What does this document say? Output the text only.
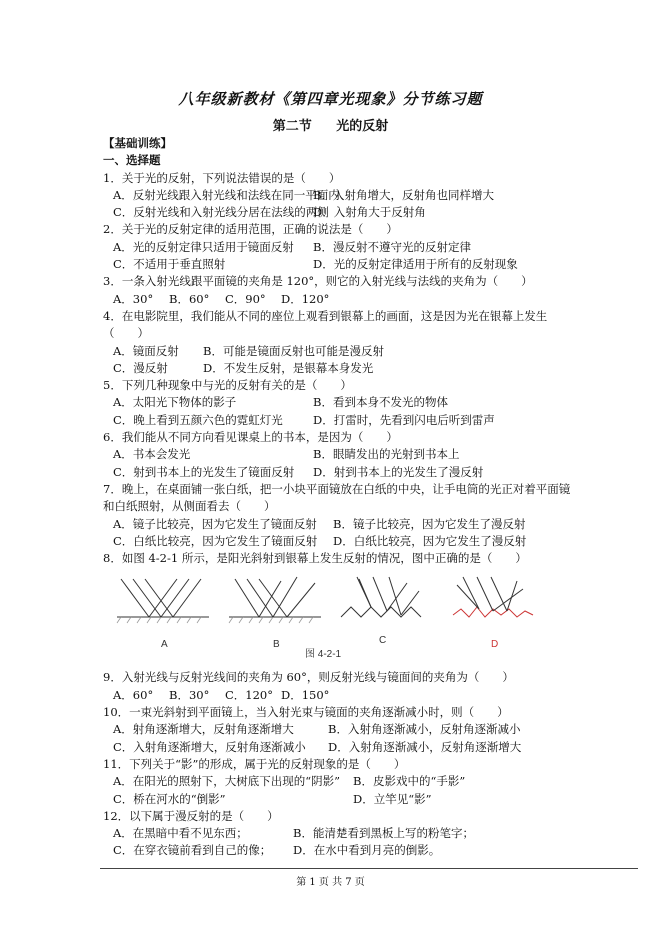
八年级新教材《第四章光现象》分节练习题
第二节 光的反射
【基础训练】
一、选择题
1．关于光的反射，下列说法错误的是（　　）
A．反射光线跟入射光线和法线在同一平面内
B．入射角增大，反射角也同样增大
C．反射光线和入射光线分居在法线的两侧
D．入射角大于反射角
2．关于光的反射定律的适用范围，正确的说法是（　　）
A．光的反射定律只适用于镜面反射	B．漫反射不遵守光的反射定律
C．不适用于垂直照射	D．光的反射定律适用于所有的反射现象
3．一条入射光线跟平面镜的夹角是 120°，则它的入射光线与法线的夹角为（　　）
A．30°	B．60°	C．90°	D．120°
4．在电影院里，我们能从不同的座位上观看到银幕上的画面，这是因为光在银幕上发生（　　）
A．镜面反射	B．可能是镜面反射也可能是漫反射
C．漫反射	D．不发生反射，是银幕本身发光
5．下列几种现象中与光的反射有关的是（　　）
A．太阳光下物体的影子	B．看到本身不发光的物体
C．晚上看到五颜六色的霓虹灯光	D．打雷时，先看到闪电后听到雷声
6．我们能从不同方向看见课桌上的书本，是因为（　　）
A．书本会发光	B．眼睛发出的光射到书本上
C．射到书本上的光发生了镜面反射	D．射到书本上的光发生了漫反射
7．晚上，在桌面铺一张白纸，把一小块平面镜放在白纸的中央，让手电筒的光正对着平面镜和白纸照射，从侧面看去（　　）
A．镜子比较亮，因为它发生了镜面反射	B．镜子比较亮，因为它发生了漫反射
C．白纸比较亮，因为它发生了镜面反射	D．白纸比较亮，因为它发生了漫反射
8．如图 4-2-1 所示，是阳光斜射到银幕上发生反射的情况，图中正确的是（　　）
A	B	C	D
图 4-2-1
9．入射光线与反射光线间的夹角为 60°，则反射光线与镜面间的夹角为（　　）
A．60°	B．30°	C．120° D．150°
10．一束光斜射到平面镜上，当入射光束与镜面的夹角逐渐减小时，则（　　）
A．射角逐渐增大，反射角逐渐增大	B．入射角逐渐减小，反射角逐渐减小
C．入射角逐渐增大，反射角逐渐减小	D．入射角逐渐减小，反射角逐渐增大
11．下列关于“影”的形成，属于光的反射现象的是（　　）
A．在阳光的照射下，大树底下出现的“阴影”	B．皮影戏中的“手影”
C．桥在河水的“倒影”	D．立竿见“影”
12．以下属于漫反射的是（　　）
A．在黑暗中看不见东西；	B．能清楚看到黑板上写的粉笔字；
C．在穿衣镜前看到自己的像；	D．在水中看到月亮的倒影。
第 1 页 共 7 页
